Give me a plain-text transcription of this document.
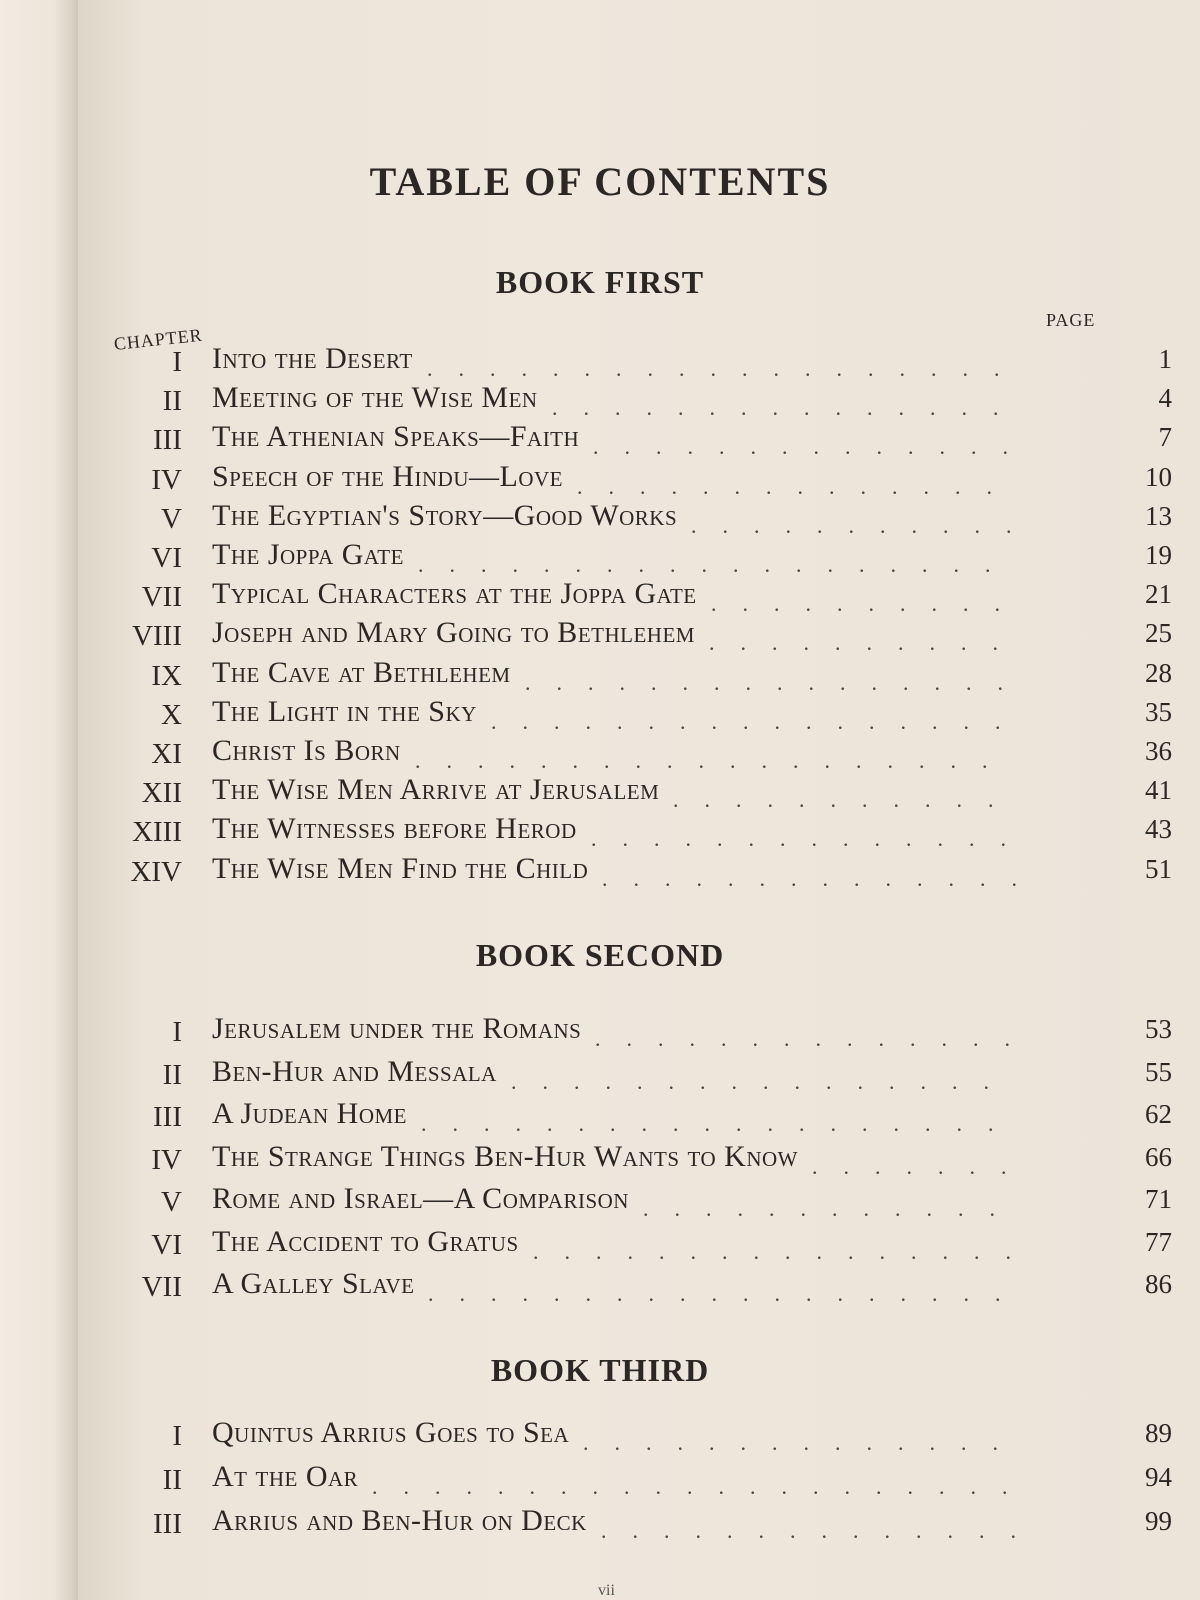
TABLE OF CONTENTS
CHAPTER
PAGE
BOOK FIRST
I Into the Desert ...................	1
II Meeting of the Wise Men ...............	4
III The Athenian Speaks—Faith ..............	7
IV Speech of the Hindu—Love ..............	10
V The Egyptian's Story—Good Works ...........	13
VI The Joppa Gate ...................	19
VII Typical Characters at the Joppa Gate ..........	21
VIII Joseph and Mary Going to Bethlehem ..........	25
IX The Cave at Bethlehem ................	28
X The Light in the Sky .................	35
XI Christ Is Born ...................	36
XII The Wise Men Arrive at Jerusalem ...........	41
XIII The Witnesses before Herod ..............	43
XIV The Wise Men Find the Child ..............	51
BOOK SECOND
I Jerusalem under the Romans ..............	53
II Ben-Hur and Messala ................	55
III A Judean Home ...................	62
IV The Strange Things Ben-Hur Wants to Know .......	66
V Rome and Israel—A Comparison ............	71
VI The Accident to Gratus ................	77
VII A Galley Slave ...................	86
BOOK THIRD
I Quintus Arrius Goes to Sea ..............	89
II At the Oar .....................	94
III Arrius and Ben-Hur on Deck ..............	99
vii
